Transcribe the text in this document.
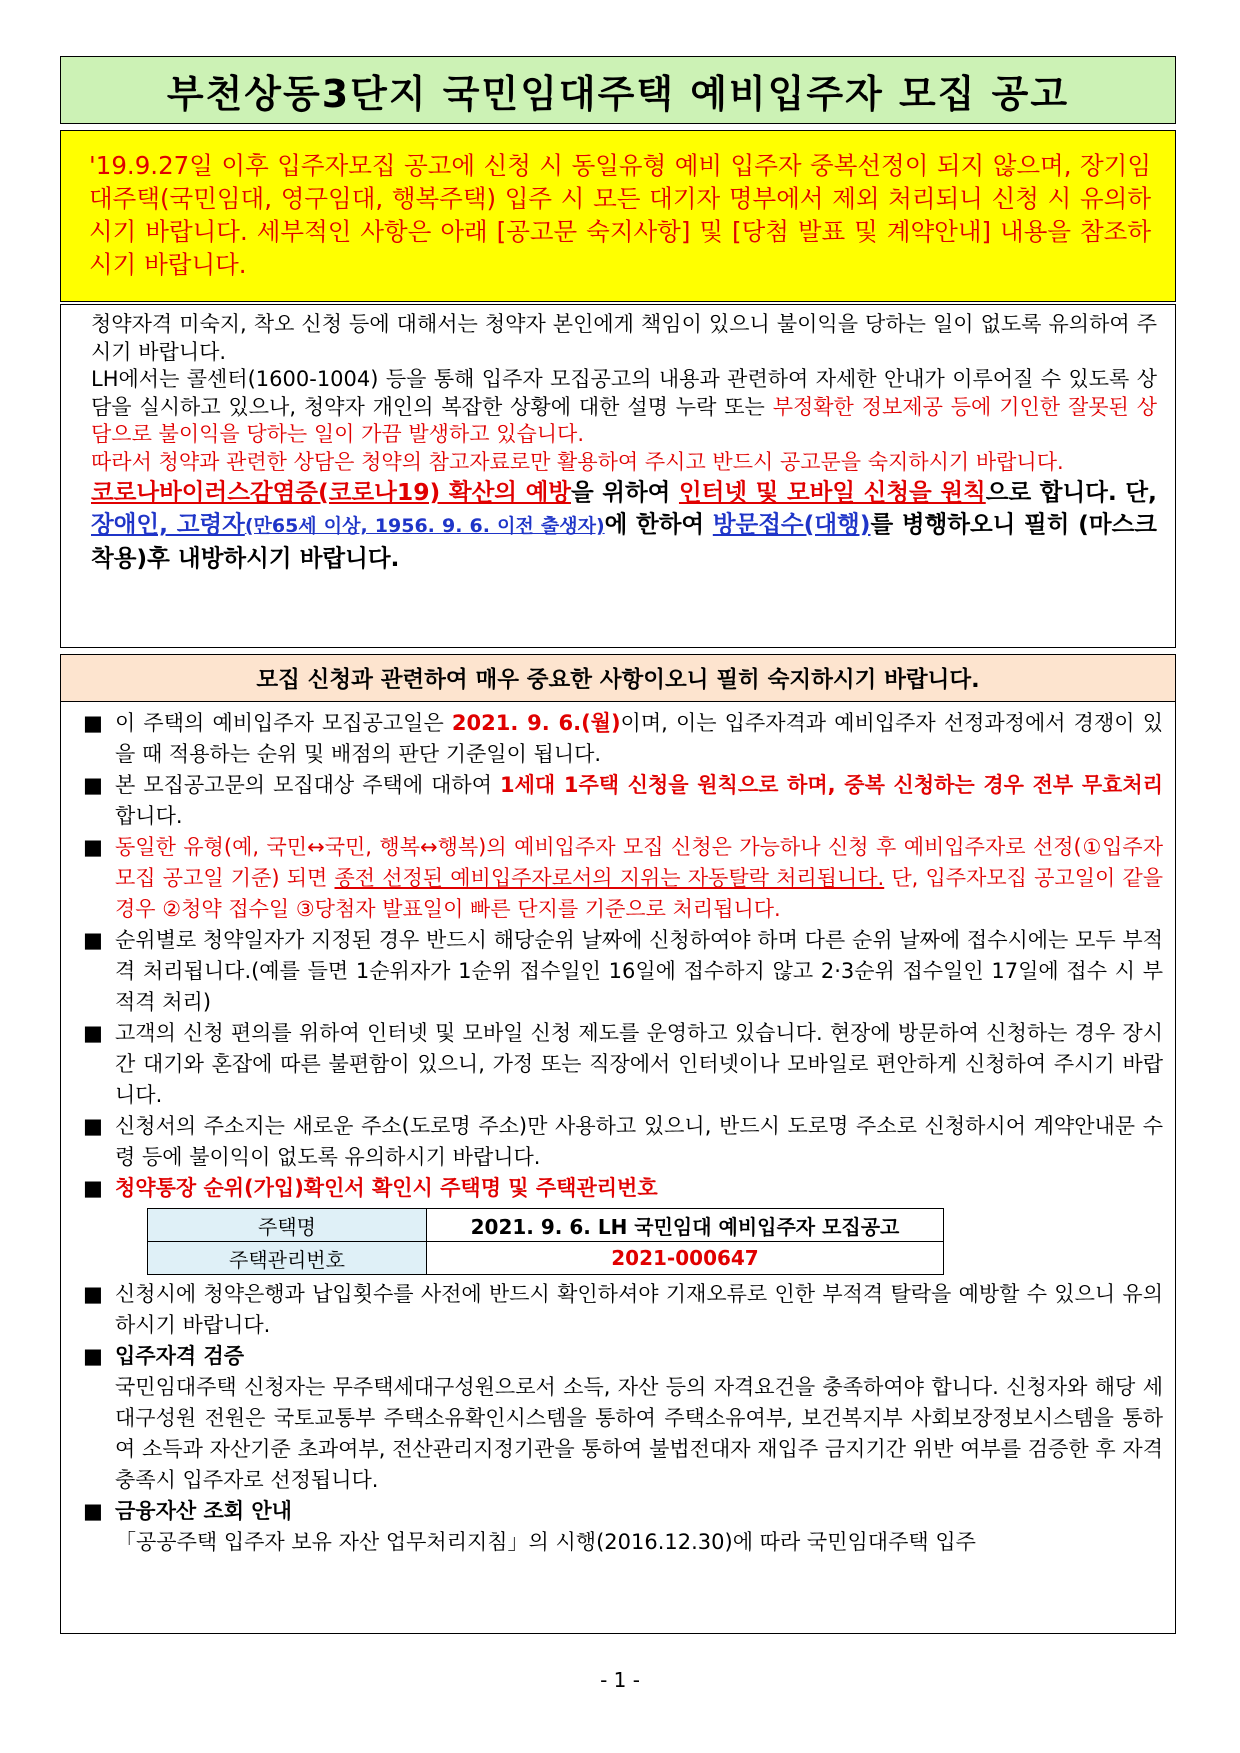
부천상동3단지 국민임대주택 예비입주자 모집 공고

'19.9.27일 이후 입주자모집 공고에 신청 시 동일유형 예비 입주자 중복선정이 되지 않으며, 장기임대주택(국민임대, 영구임대, 행복주택) 입주 시 모든 대기자 명부에서 제외 처리되니 신청 시 유의하시기 바랍니다. 세부적인 사항은 아래 [공고문 숙지사항] 및 [당첨 발표 및 계약안내] 내용을 참조하시기 바랍니다.

청약자격 미숙지, 착오 신청 등에 대해서는 청약자 본인에게 책임이 있으니 불이익을 당하는 일이 없도록 유의하여 주시기 바랍니다.

LH에서는 콜센터(1600-1004) 등을 통해 입주자 모집공고의 내용과 관련하여 자세한 안내가 이루어질 수 있도록 상담을 실시하고 있으나, 청약자 개인의 복잡한 상황에 대한 설명 누락 또는 부정확한 정보제공 등에 기인한 잘못된 상담으로 불이익을 당하는 일이 가끔 발생하고 있습니다.

따라서 청약과 관련한 상담은 청약의 참고자료로만 활용하여 주시고 반드시 공고문을 숙지하시기 바랍니다.

코로나바이러스감염증(코로나19) 확산의 예방을 위하여 인터넷 및 모바일 신청을 원칙으로 합니다. 단, 장애인, 고령자(만65세 이상, 1956. 9. 6. 이전 출생자)에 한하여 방문접수(대행)를 병행하오니 필히 (마스크 착용)후 내방하시기 바랍니다.

모집 신청과 관련하여 매우 중요한 사항이오니 필히 숙지하시기 바랍니다.

■ 이 주택의 예비입주자 모집공고일은 2021. 9. 6.(월)이며, 이는 입주자격과 예비입주자 선정과정에서 경쟁이 있을 때 적용하는 순위 및 배점의 판단 기준일이 됩니다.

■ 본 모집공고문의 모집대상 주택에 대하여 1세대 1주택 신청을 원칙으로 하며, 중복 신청하는 경우 전부 무효처리 합니다.

■ 동일한 유형(예, 국민↔국민, 행복↔행복)의 예비입주자 모집 신청은 가능하나 신청 후 예비입주자로 선정(①입주자모집 공고일 기준) 되면 종전 선정된 예비입주자로서의 지위는 자동탈락 처리됩니다. 단, 입주자모집 공고일이 같을 경우 ②청약 접수일 ③당첨자 발표일이 빠른 단지를 기준으로 처리됩니다.

■ 순위별로 청약일자가 지정된 경우 반드시 해당순위 날짜에 신청하여야 하며 다른 순위 날짜에 접수시에는 모두 부적격 처리됩니다.(예를 들면 1순위자가 1순위 접수일인 16일에 접수하지 않고 2·3순위 접수일인 17일에 접수 시 부적격 처리)

■ 고객의 신청 편의를 위하여 인터넷 및 모바일 신청 제도를 운영하고 있습니다. 현장에 방문하여 신청하는 경우 장시간 대기와 혼잡에 따른 불편함이 있으니, 가정 또는 직장에서 인터넷이나 모바일로 편안하게 신청하여 주시기 바랍니다.

■ 신청서의 주소지는 새로운 주소(도로명 주소)만 사용하고 있으니, 반드시 도로명 주소로 신청하시어 계약안내문 수령 등에 불이익이 없도록 유의하시기 바랍니다.

■ 청약통장 순위(가입)확인서 확인시 주택명 및 주택관리번호

주택명	2021. 9. 6. LH 국민임대 예비입주자 모집공고
주택관리번호	2021-000647

■ 신청시에 청약은행과 납입횟수를 사전에 반드시 확인하셔야 기재오류로 인한 부적격 탈락을 예방할 수 있으니 유의하시기 바랍니다.

■ 입주자격 검증

국민임대주택 신청자는 무주택세대구성원으로서 소득, 자산 등의 자격요건을 충족하여야 합니다. 신청자와 해당 세대구성원 전원은 국토교통부 주택소유확인시스템을 통하여 주택소유여부, 보건복지부 사회보장정보시스템을 통하여 소득과 자산기준 초과여부, 전산관리지정기관을 통하여 불법전대자 재입주 금지기간 위반 여부를 검증한 후 자격 충족시 입주자로 선정됩니다.

■ 금융자산 조회 안내

「공공주택 입주자 보유 자산 업무처리지침」의 시행(2016.12.30)에 따라 국민임대주택 입주

- 1 -
